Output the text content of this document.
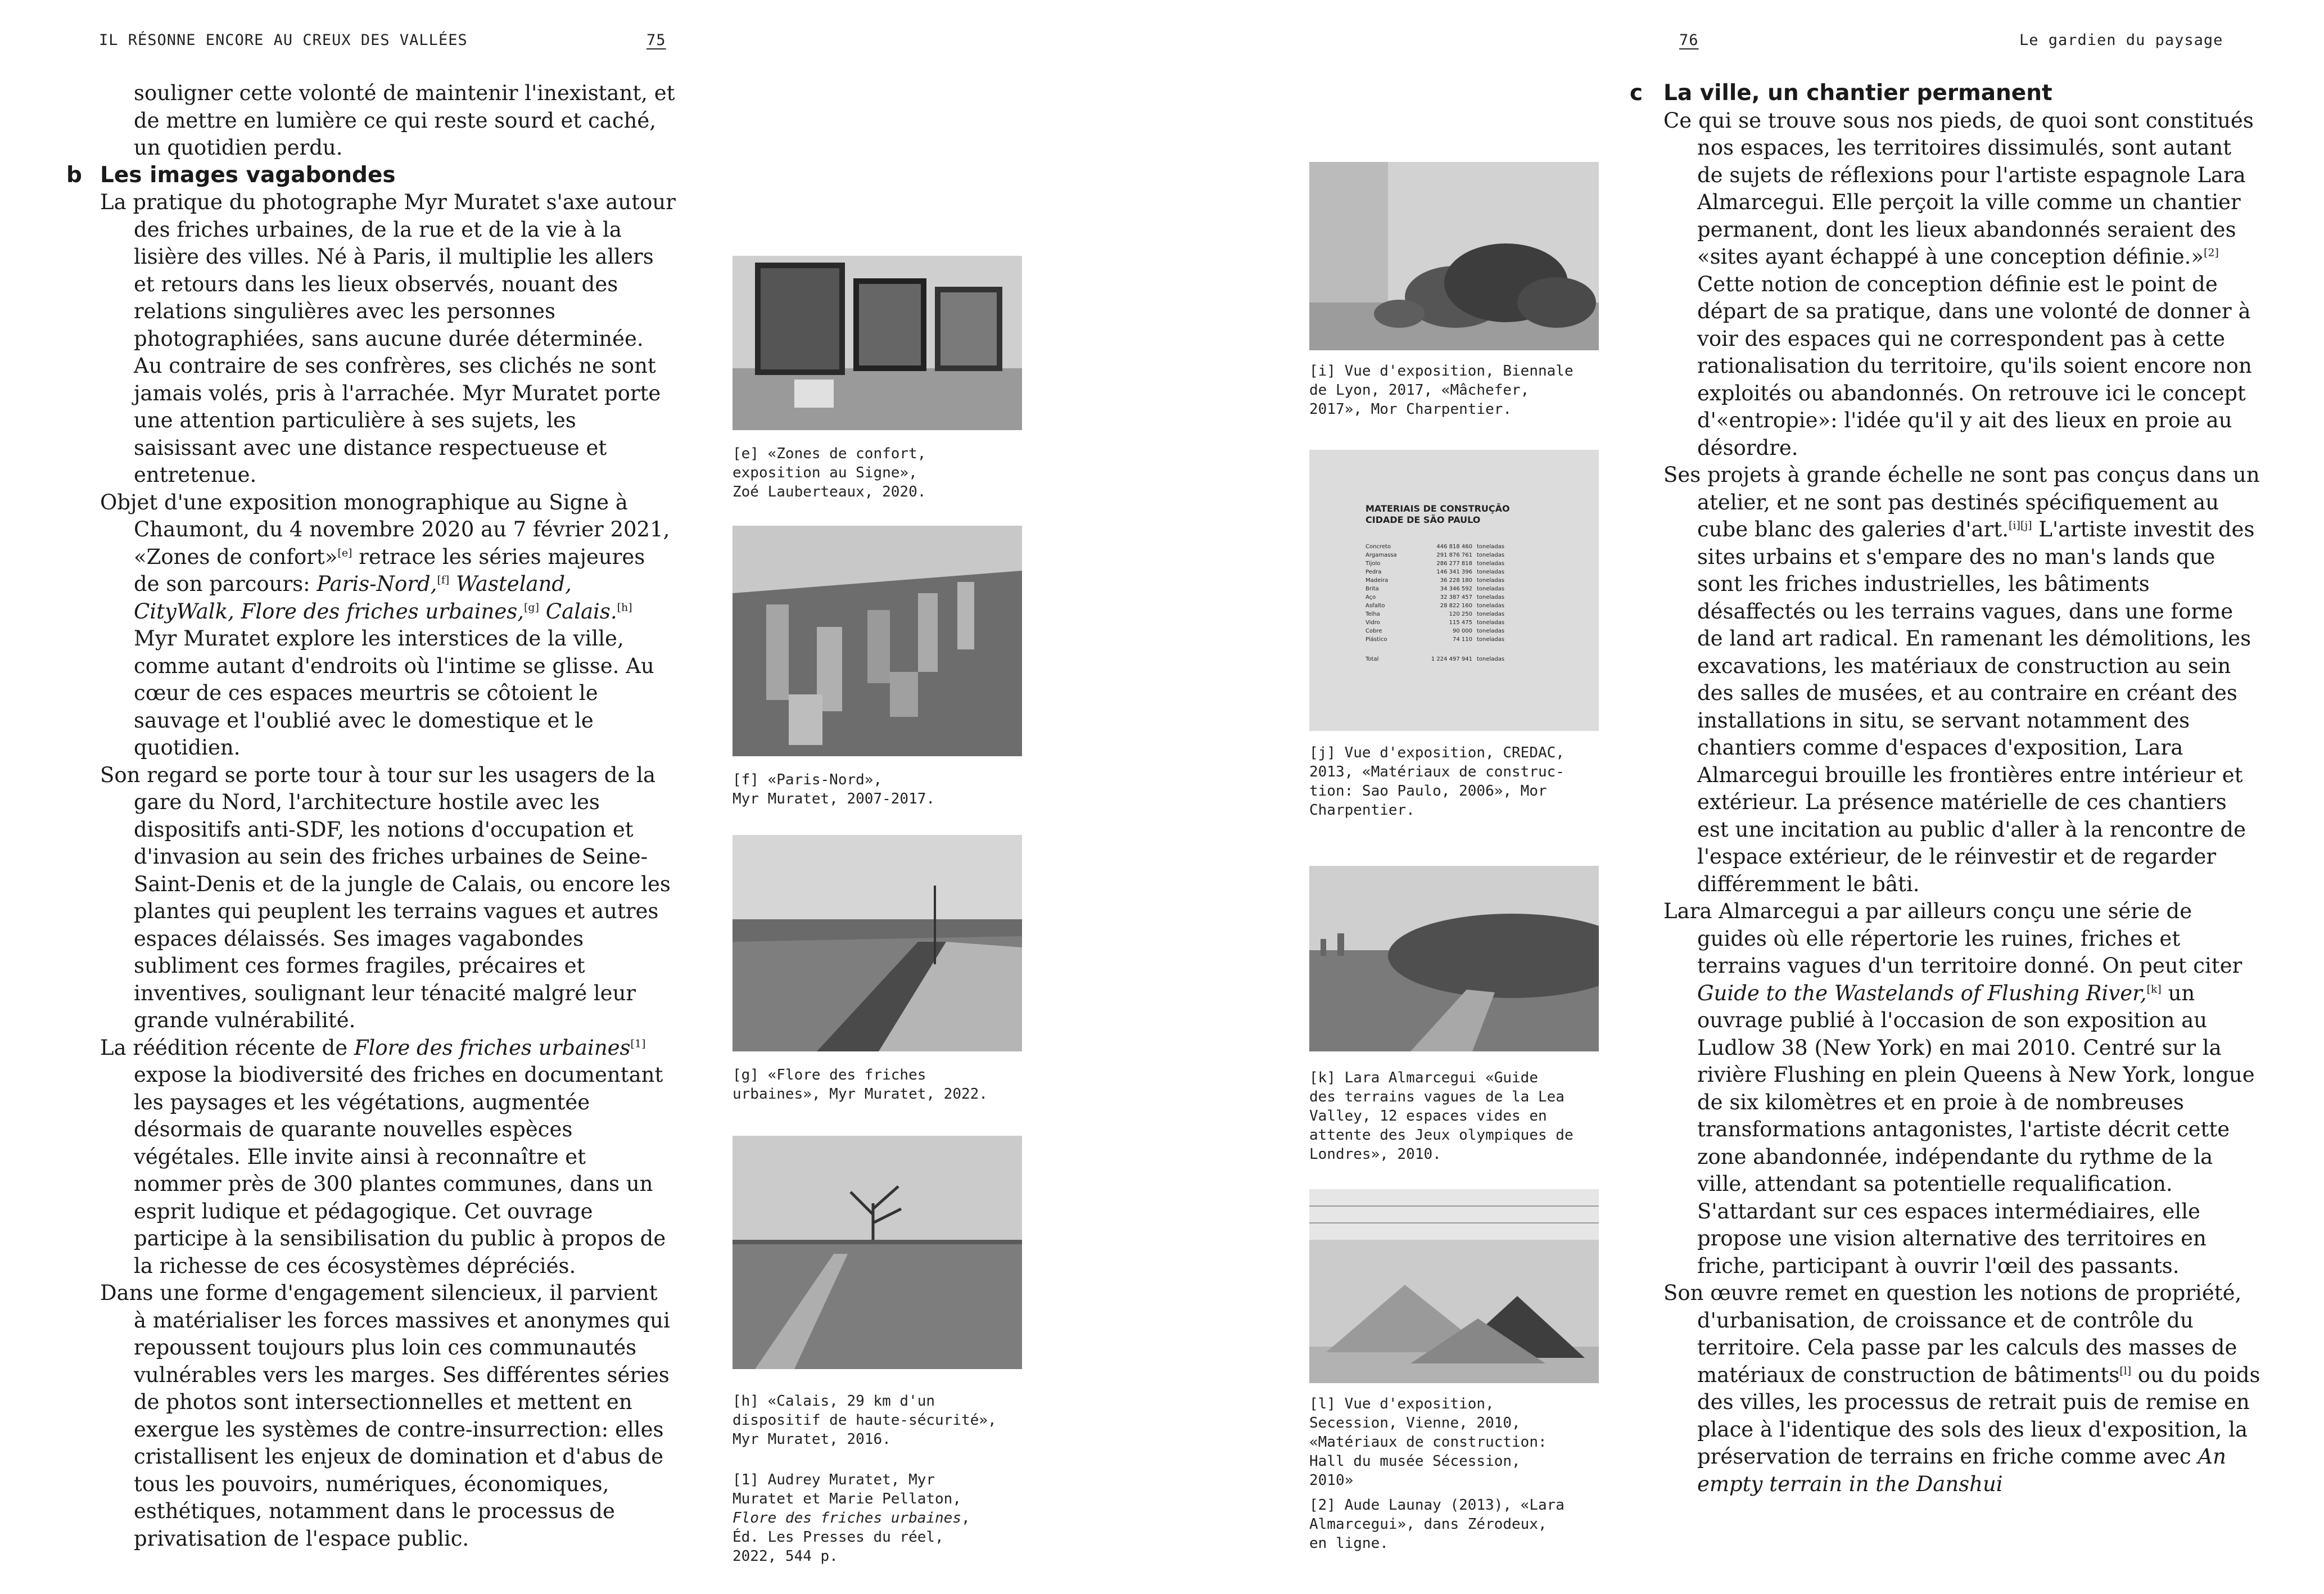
IL RÉSONNE ENCORE AU CREUX DES VALLÉES	75

souligner cette volonté de maintenir l'inexistant, et de mettre en lumière ce qui reste sourd et caché, un quotidien perdu.

b Les images vagabondes

La pratique du photographe Myr Muratet s'axe autour des friches urbaines, de la rue et de la vie à la lisière des villes. Né à Paris, il multiplie les allers et retours dans les lieux observés, nouant des relations singulières avec les personnes photographiées, sans aucune durée déterminée. Au contraire de ses confrères, ses clichés ne sont jamais volés, pris à l'arrachée. Myr Muratet porte une attention particulière à ses sujets, les saisissant avec une distance respectueuse et entretenue.

Objet d'une exposition monographique au Signe à Chaumont, du 4 novembre 2020 au 7 février 2021, «Zones de confort»[e] retrace les séries majeures de son parcours: Paris-Nord,[f] Wasteland, CityWalk, Flore des friches urbaines,[g] Calais.[h] Myr Muratet explore les interstices de la ville, comme autant d'endroits où l'intime se glisse. Au cœur de ces espaces meurtris se côtoient le sauvage et l'oublié avec le domestique et le quotidien.

Son regard se porte tour à tour sur les usagers de la gare du Nord, l'architecture hostile avec les dispositifs anti-SDF, les notions d'occupation et d'invasion au sein des friches urbaines de Seine-Saint-Denis et de la jungle de Calais, ou encore les plantes qui peuplent les terrains vagues et autres espaces délaissés. Ses images vagabondes subliment ces formes fragiles, précaires et inventives, soulignant leur ténacité malgré leur grande vulnérabilité.

La réédition récente de Flore des friches urbaines[1] expose la biodiversité des friches en documentant les paysages et les végétations, augmentée désormais de quarante nouvelles espèces végétales. Elle invite ainsi à reconnaître et nommer près de 300 plantes communes, dans un esprit ludique et pédagogique. Cet ouvrage participe à la sensibilisation du public à propos de la richesse de ces écosystèmes dépréciés.

Dans une forme d'engagement silencieux, il parvient à matérialiser les forces massives et anonymes qui repoussent toujours plus loin ces communautés vulnérables vers les marges. Ses différentes séries de photos sont intersectionnelles et mettent en exergue les systèmes de contre-insurrection: elles cristallisent les enjeux de domination et d'abus de tous les pouvoirs, numériques, économiques, esthétiques, notamment dans le processus de privatisation de l'espace public.

[e] «Zones de confort,
exposition au Signe»,
Zoé Lauberteaux, 2020.
[f] «Paris-Nord»,
Myr Muratet, 2007-2017.
[g] «Flore des friches
urbaines», Myr Muratet, 2022.
[h] «Calais, 29 km d'un
dispositif de haute-sécurité»,
Myr Muratet, 2016.
[1] Audrey Muratet, Myr
Muratet et Marie Pellaton,
Flore des friches urbaines,
Éd. Les Presses du réel,
2022, 544 p.
76	Le gardien du paysage
[i] Vue d'exposition, Biennale
de Lyon, 2017, «Mâchefer,
2017», Mor Charpentier.
MATERIAIS DE CONSTRUÇÃO
CIDADE DE SÃO PAULO
Concreto	446 818 460 toneladas
Argamassa	291 876 761 toneladas
Tijolo	286 277 818 toneladas
Pedra	146 341 396 toneladas
Madeira	36 228 180 toneladas
Brita	34 346 592 toneladas
Aço	32 387 457 toneladas
Asfalto	28 822 160 toneladas
Telha	120 250 toneladas
Vidro	115 475 toneladas
Cobre	90 000 toneladas
Plástico	74 110 toneladas
Total	1 224 497 941 toneladas
[j] Vue d'exposition, CREDAC,
2013, «Matériaux de construc-
tion: Sao Paulo, 2006», Mor
Charpentier.
[k] Lara Almarcegui «Guide
des terrains vagues de la Lea
Valley, 12 espaces vides en
attente des Jeux olympiques de
Londres», 2010.
[l] Vue d'exposition,
Secession, Vienne, 2010,
«Matériaux de construction:
Hall du musée Sécession,
2010»
[2] Aude Launay (2013), «Lara
Almarcegui», dans Zérodeux,
en ligne.
c La ville, un chantier permanent

Ce qui se trouve sous nos pieds, de quoi sont constitués nos espaces, les territoires dissimulés, sont autant de sujets de réflexions pour l'artiste espagnole Lara Almarcegui. Elle perçoit la ville comme un chantier permanent, dont les lieux abandonnés seraient des «sites ayant échappé à une conception définie.»[2] Cette notion de conception définie est le point de départ de sa pratique, dans une volonté de donner à voir des espaces qui ne correspondent pas à cette rationalisation du territoire, qu'ils soient encore non exploités ou abandonnés. On retrouve ici le concept d'«entropie»: l'idée qu'il y ait des lieux en proie au désordre.

Ses projets à grande échelle ne sont pas conçus dans un atelier, et ne sont pas destinés spécifiquement au cube blanc des galeries d'art.[i][j] L'artiste investit des sites urbains et s'empare des no man's lands que sont les friches industrielles, les bâtiments désaffectés ou les terrains vagues, dans une forme de land art radical. En ramenant les démolitions, les excavations, les matériaux de construction au sein des salles de musées, et au contraire en créant des installations in situ, se servant notamment des chantiers comme d'espaces d'exposition, Lara Almarcegui brouille les frontières entre intérieur et extérieur. La présence matérielle de ces chantiers est une incitation au public d'aller à la rencontre de l'espace extérieur, de le réinvestir et de regarder différemment le bâti.

Lara Almarcegui a par ailleurs conçu une série de guides où elle répertorie les ruines, friches et terrains vagues d'un territoire donné. On peut citer Guide to the Wastelands of Flushing River,[k] un ouvrage publié à l'occasion de son exposition au Ludlow 38 (New York) en mai 2010. Centré sur la rivière Flushing en plein Queens à New York, longue de six kilomètres et en proie à de nombreuses transformations antagonistes, l'artiste décrit cette zone abandonnée, indépendante du rythme de la ville, attendant sa potentielle requalification. S'attardant sur ces espaces intermédiaires, elle propose une vision alternative des territoires en friche, participant à ouvrir l'œil des passants.

Son œuvre remet en question les notions de propriété, d'urbanisation, de croissance et de contrôle du territoire. Cela passe par les calculs des masses de matériaux de construction de bâtiments[l] ou du poids des villes, les processus de retrait puis de remise en place à l'identique des sols des lieux d'exposition, la préservation de terrains en friche comme avec An empty terrain in the Danshui
